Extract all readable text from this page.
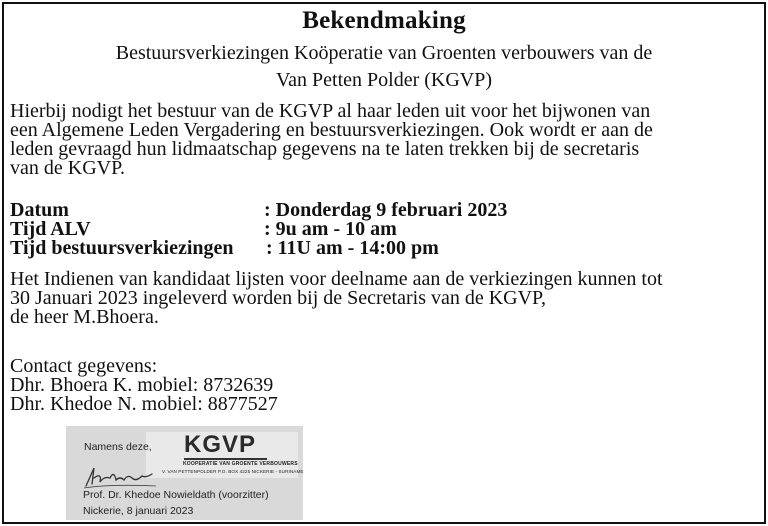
Bekendmaking
Bestuursverkiezingen Koöperatie van Groenten verbouwers van de
Van Petten Polder (KGVP)
Hierbij nodigt het bestuur van de KGVP al haar leden uit voor het bijwonen van
een Algemene Leden Vergadering en bestuursverkiezingen. Ook wordt er aan de
leden gevraagd hun lidmaatschap gegevens na te laten trekken bij de secretaris
van de KGVP.
Datum	: Donderdag 9 februari 2023
Tijd ALV	: 9u am - 10 am
Tijd bestuursverkiezingen : 11U am - 14:00 pm
Het Indienen van kandidaat lijsten voor deelname aan de verkiezingen kunnen tot
30 Januari 2023 ingeleverd worden bij de Secretaris van de KGVP,
de heer M.Bhoera.
Contact gegevens:
Dhr. Bhoera K. mobiel: 8732639
Dhr. Khedoe N. mobiel: 8877527
Namens deze, KGVP
KOOPERATIE VAN GROENTE VERBOUWERS
V. VAN PETTENPOLDER P.O. BOX 4225 NICKERIE - SURINAME
Prof. Dr. Khedoe Nowieldath (voorzitter)
Nickerie, 8 januari 2023
